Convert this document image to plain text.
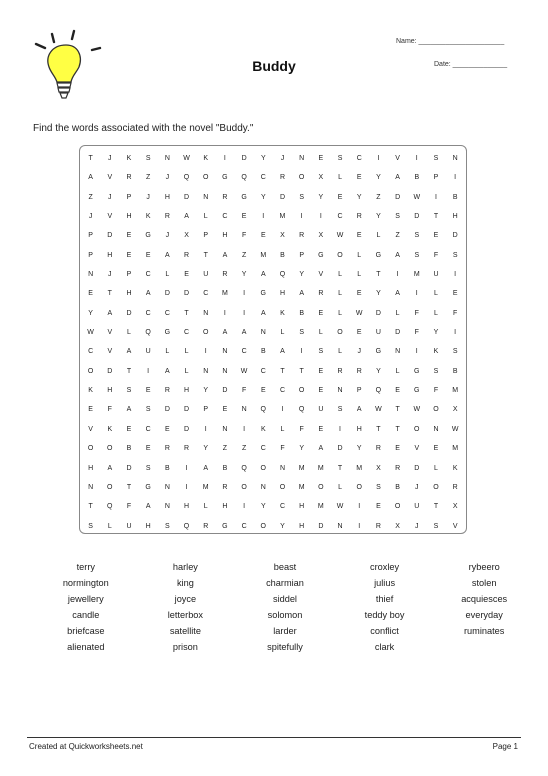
Name: ______________________
Date: ______________
Buddy
Find the words associated with the novel "Buddy."
T	J	K	S	N	W	K	I	D	Y	J	N	E	S	C	I	V	I	S	N
A	V	R	Z	J	Q	O	G	Q	C	R	O	X	L	E	Y	A	B	P	I
Z	J	P	J	H	D	N	R	G	Y	D	S	Y	E	Y	Z	D	W	I	B
J	V	H	K	R	A	L	C	E	I	M	I	I	C	R	Y	S	D	T	H
P	D	E	G	J	X	P	H	F	E	X	R	X	W	E	L	Z	S	E	D
P	H	E	E	A	R	T	A	Z	M	B	P	G	O	L	G	A	S	F	S
N	J	P	C	L	E	U	R	Y	A	Q	Y	V	L	L	T	I	M	U	I
E	T	H	A	D	D	C	M	I	G	H	A	R	L	E	Y	A	I	L	E
Y	A	D	C	C	T	N	I	I	A	K	B	E	L	W	D	L	F	L	F
W	V	L	Q	G	C	O	A	A	N	L	S	L	O	E	U	D	F	Y	I
C	V	A	U	L	L	I	N	C	B	A	I	S	L	J	G	N	I	K	S
O	D	T	I	A	L	N	N	W	C	T	T	E	R	R	Y	L	G	S	B
K	H	S	E	R	H	Y	D	F	E	C	O	E	N	P	Q	E	G	F	M
E	F	A	S	D	D	P	E	N	Q	I	Q	U	S	A	W	T	W	O	X
V	K	E	C	E	D	I	N	I	K	L	F	E	I	H	T	T	O	N	W
O	O	B	E	R	R	Y	Z	Z	C	F	Y	A	D	Y	R	E	V	E	M
H	A	D	S	B	I	A	B	Q	O	N	M	M	T	M	X	R	D	L	K
N	O	T	G	N	I	M	R	O	N	O	M	O	L	O	S	B	J	O	R
T	Q	F	A	N	H	L	H	I	Y	C	H	M	W	I	E	O	U	T	X
S	L	U	H	S	Q	R	G	C	O	Y	H	D	N	I	R	X	J	S	V
terry	harley	beast	croxley	rybeero
normington	king	charmian	julius	stolen
jewellery	joyce	siddel	thief	acquiesces
candle	letterbox	solomon	teddy boy	everyday
briefcase	satellite	larder	conflict	ruminates
alienated	prison	spitefully	clark
Created at Quickworksheets.net	Page 1
